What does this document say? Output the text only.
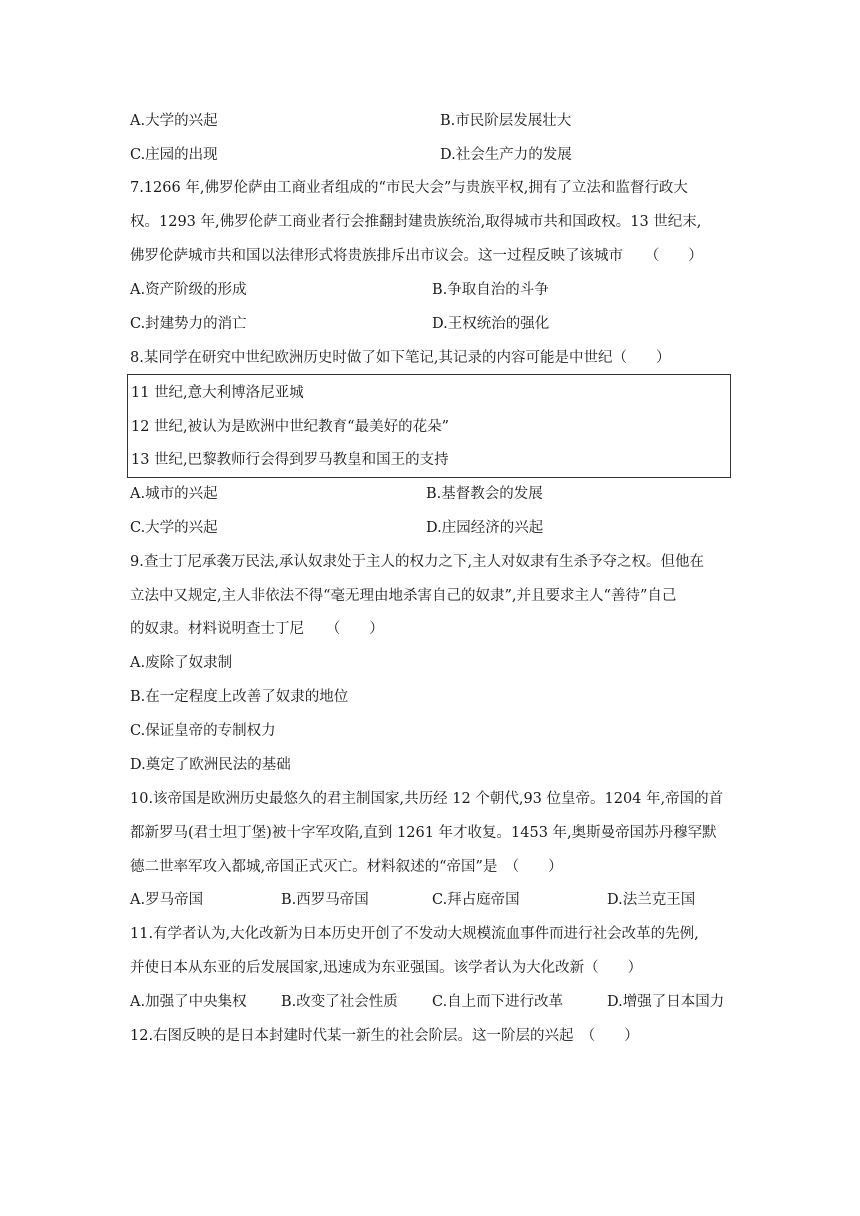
A.大学的兴起	B.市民阶层发展壮大
C.庄园的出现	D.社会生产力的发展
7.1266 年,佛罗伦萨由工商业者组成的“市民大会”与贵族平权,拥有了立法和监督行政大
权。1293 年,佛罗伦萨工商业者行会推翻封建贵族统治,取得城市共和国政权。13 世纪末,
佛罗伦萨城市共和国以法律形式将贵族排斥出市议会。这一过程反映了该城市　　（　　）
A.资产阶级的形成	B.争取自治的斗争
C.封建势力的消亡	D.王权统治的强化
8.某同学在研究中世纪欧洲历史时做了如下笔记,其记录的内容可能是中世纪（　　）
11 世纪,意大利博洛尼亚城
12 世纪,被认为是欧洲中世纪教育“最美好的花朵”
13 世纪,巴黎教师行会得到罗马教皇和国王的支持
A.城市的兴起	B.基督教会的发展
C.大学的兴起	D.庄园经济的兴起
9.查士丁尼承袭万民法,承认奴隶处于主人的权力之下,主人对奴隶有生杀予夺之权。但他在
立法中又规定,主人非依法不得“毫无理由地杀害自己的奴隶”,并且要求主人“善待”自己
的奴隶。材料说明查士丁尼　　（　　）
A.废除了奴隶制
B.在一定程度上改善了奴隶的地位
C.保证皇帝的专制权力
D.奠定了欧洲民法的基础
10.该帝国是欧洲历史最悠久的君主制国家,共历经 12 个朝代,93 位皇帝。1204 年,帝国的首
都新罗马(君士坦丁堡)被十字军攻陷,直到 1261 年才收复。1453 年,奥斯曼帝国苏丹穆罕默
德二世率军攻入都城,帝国正式灭亡。材料叙述的“帝国”是　（　　）
A.罗马帝国	B.西罗马帝国	C.拜占庭帝国	D.法兰克王国
11.有学者认为,大化改新为日本历史开创了不发动大规模流血事件而进行社会改革的先例,
并使日本从东亚的后发展国家,迅速成为东亚强国。该学者认为大化改新（　　）
A.加强了中央集权 B.改变了社会性质 C.自上而下进行改革	D.增强了日本国力
12.右图反映的是日本封建时代某一新生的社会阶层。这一阶层的兴起　（　　）
